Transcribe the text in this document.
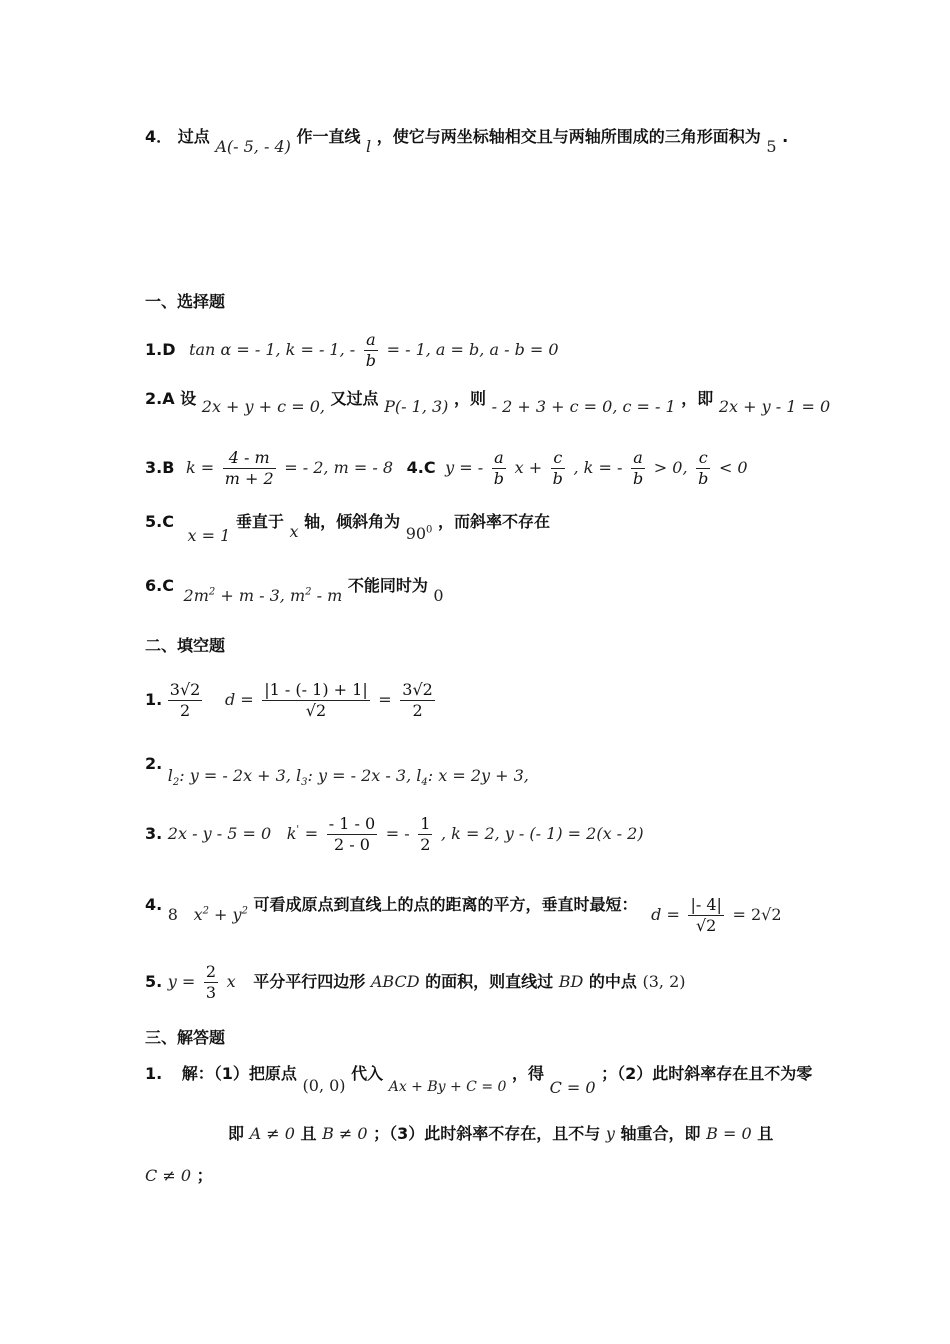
4． 过点 A(- 5, - 4) 作一直线 l ，使它与两坐标轴相交且与两轴所围成的三角形面积为 5 .
一、选择题
1.D tan α = - 1, k = - 1, - $\frac{a}{b}$ = - 1, a = b, a - b = 0
2.A 设 2x + y + c = 0, 又过点 P(- 1, 3) ，则 - 2 + 3 + c = 0, c = - 1 ，即 2x + y - 1 = 0
3.B $k = \frac{4 - m}{m + 2}$ = - 2, m = - 8 4.C y = - $\frac{a}{b}$ $x + \frac{c}{b}$ , k = - $\frac{a}{b} > 0$, $\frac{c}{b} < 0$
5.C x = 1 垂直于 x 轴，倾斜角为 $90^0$ ，而斜率不存在
6.C $2m^2 + m - 3$, $m^2$ - m 不能同时为 0
二、填空题
1. $\frac{3√2}{2}$ $d = \frac{|1 - (- 1) + 1|}{√2} = \frac{3√2}{2}$
2. $l_2$: y = - 2x + 3, $l_3$: y = - 2x - 3, $l_4$: x = 2y + 3,
3. 2x - y - 5 = 0 $k' = \frac{- 1 - 0}{2 - 0}$ = - $\frac{1}{2}$ , k = 2, y - (- 1) = 2(x - 2)
4. 8 $x^2 + y^2$ 可看成原点到直线上的点的距离的平方，垂直时最短： $d = \frac{|- 4|}{√2} = 2√2$
5. $y = \frac{2}{3}$ x 平分平行四边形 ABCD 的面积，则直线过 BD 的中点 (3, 2)
三、解答题
1. 解：（1）把原点 (0, 0) 代入 Ax + By + C = 0 ，得 C = 0 ；（2）此时斜率存在且不为零
即 A ≠ 0 且 B ≠ 0 ；（3）此时斜率不存在，且不与 y 轴重合，即 B = 0 且
C ≠ 0 ；
